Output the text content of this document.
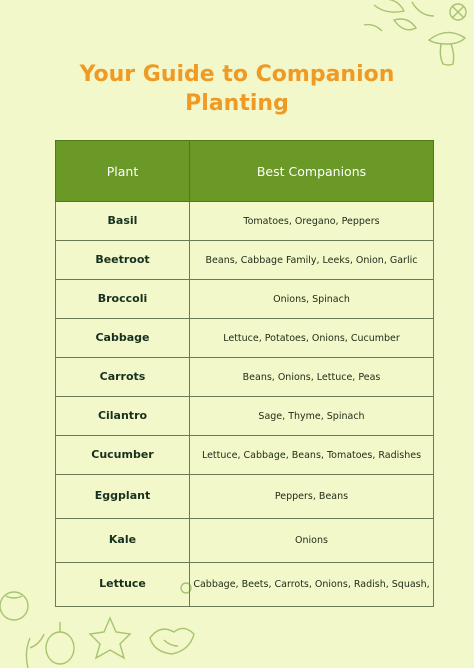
Your Guide to Companion
Planting
Plant	Best Companions
Basil	Tomatoes, Oregano, Peppers
Beetroot	Beans, Cabbage Family, Leeks, Onion, Garlic
Broccoli	Onions, Spinach
Cabbage	Lettuce, Potatoes, Onions, Cucumber
Carrots	Beans, Onions, Lettuce, Peas
Cilantro	Sage, Thyme, Spinach
Cucumber	Lettuce, Cabbage, Beans, Tomatoes, Radishes
Eggplant	Peppers, Beans
Kale	Onions
Lettuce	Cabbage, Beets, Carrots, Onions, Radish, Squash,
